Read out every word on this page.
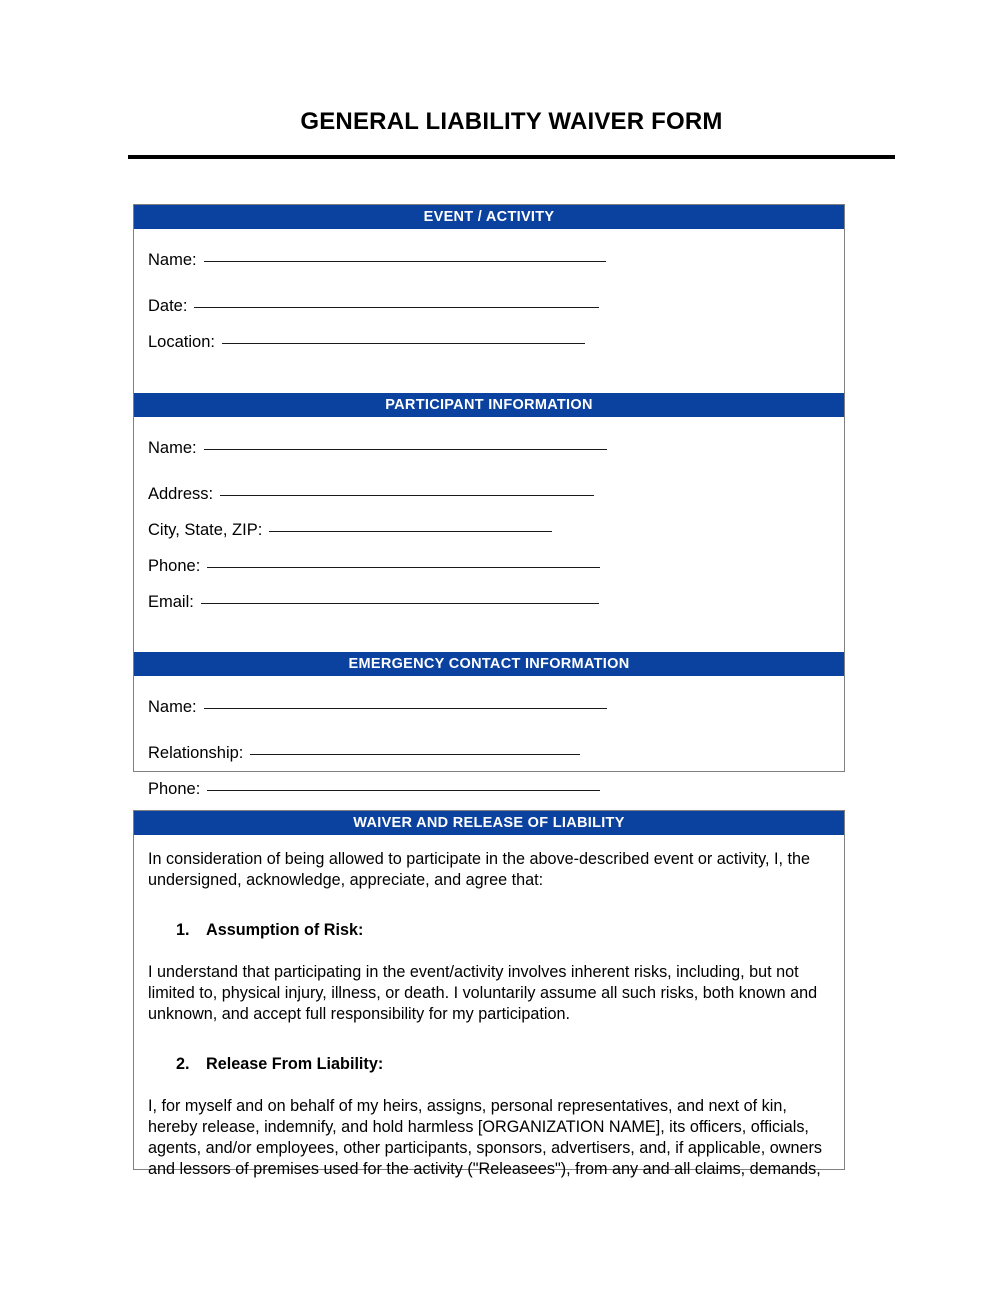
GENERAL LIABILITY WAIVER FORM
EVENT / ACTIVITY
Name:
Date:
Location:
PARTICIPANT INFORMATION
Name:
Address:
City, State, ZIP:
Phone:
Email:
EMERGENCY CONTACT INFORMATION
Name:
Relationship:
Phone:
WAIVER AND RELEASE OF LIABILITY

In consideration of being allowed to participate in the above-described event or activity, I, the undersigned, acknowledge, appreciate, and agree that:

1.	Assumption of Risk:

I understand that participating in the event/activity involves inherent risks, including, but not limited to, physical injury, illness, or death. I voluntarily assume all such risks, both known and unknown, and accept full responsibility for my participation.

2.	Release From Liability:

I, for myself and on behalf of my heirs, assigns, personal representatives, and next of kin, hereby release, indemnify, and hold harmless [ORGANIZATION NAME], its officers, officials, agents, and/or employees, other participants, sponsors, advertisers, and, if applicable, owners and lessors of premises used for the activity ("Releasees"), from any and all claims, demands,
